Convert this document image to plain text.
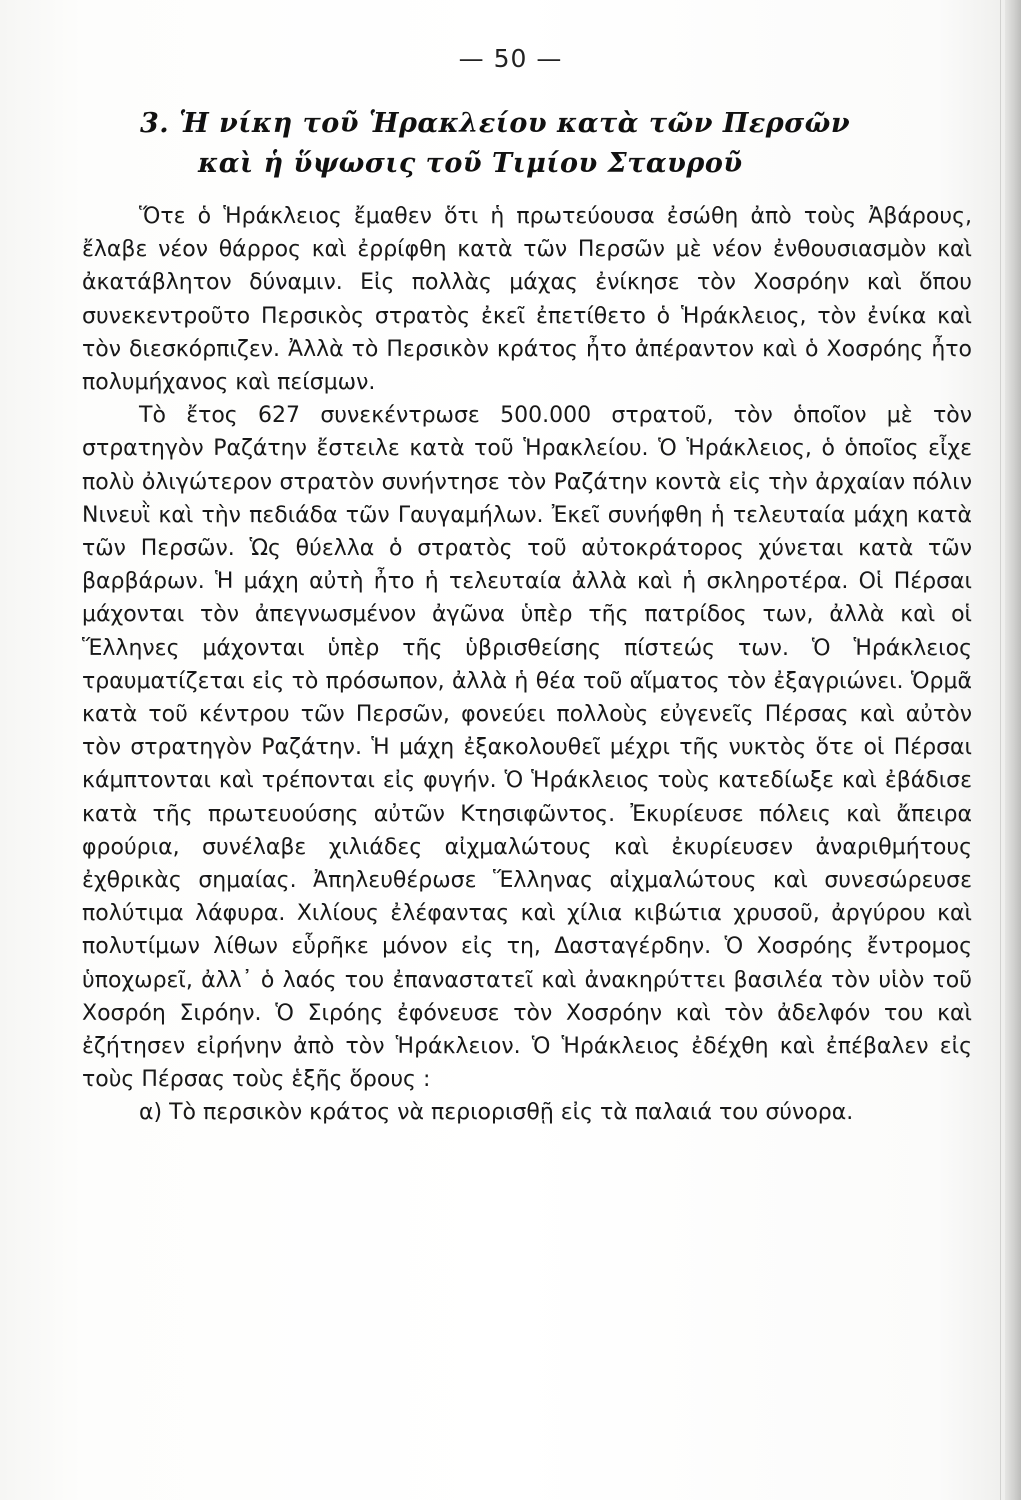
— 50 —
3. Ἡ νίκη τοῦ Ἡρακλείου κατὰ τῶν Περσῶν
καὶ ἡ ὕψωσις τοῦ Τιμίου Σταυροῦ

Ὅτε ὁ Ἡράκλειος ἔμαθεν ὅτι ἡ πρωτεύουσα ἐσώθη ἀπὸ τοὺς Ἀβάρους, ἔλαβε νέον θάρρος καὶ ἐρρίφθη κατὰ τῶν Περσῶν μὲ νέον ἐνθουσιασμὸν καὶ ἀκατάβλητον δύναμιν. Εἰς πολλὰς μάχας ἐνίκησε τὸν Χοσρόην καὶ ὅπου συνεκεντροῦτο Περσικὸς στρατὸς ἐκεῖ ἐπετίθετο ὁ Ἡράκλειος, τὸν ἐνίκα καὶ τὸν διεσκόρπιζεν. Ἀλλὰ τὸ Περσικὸν κράτος ἦτο ἀπέραντον καὶ ὁ Χοσρόης ἦτο πολυμήχανος καὶ πείσμων.

Τὸ ἔτος 627 συνεκέντρωσε 500.000 στρατοῦ, τὸν ὁποῖον μὲ τὸν στρατηγὸν Ραζάτην ἔστειλε κατὰ τοῦ Ἡρακλείου. Ὁ Ἡράκλειος, ὁ ὁποῖος εἶχε πολὺ ὀλιγώτερον στρατὸν συνήντησε τὸν Ραζάτην κοντὰ εἰς τὴν ἀρχαίαν πόλιν Νινευῒ καὶ τὴν πεδιάδα τῶν Γαυγαμήλων. Ἐκεῖ συνήφθη ἡ τελευταία μάχη κατὰ τῶν Περσῶν. Ὡς θύελλα ὁ στρατὸς τοῦ αὐτοκράτορος χύνεται κατὰ τῶν βαρβάρων. Ἡ μάχη αὐτὴ ἦτο ἡ τελευταία ἀλλὰ καὶ ἡ σκληροτέρα. Οἱ Πέρσαι μάχονται τὸν ἀπεγνωσμένον ἀγῶνα ὑπὲρ τῆς πατρίδος των, ἀλλὰ καὶ οἱ Ἕλληνες μάχονται ὑπὲρ τῆς ὑβρισθείσης πίστεώς των. Ὁ Ἡράκλειος τραυματίζεται εἰς τὸ πρόσωπον, ἀλλὰ ἡ θέα τοῦ αἵματος τὸν ἐξαγριώνει. Ὁρμᾶ κατὰ τοῦ κέντρου τῶν Περσῶν, φονεύει πολλοὺς εὐγενεῖς Πέρσας καὶ αὐτὸν τὸν στρατηγὸν Ραζάτην. Ἡ μάχη ἐξακολουθεῖ μέχρι τῆς νυκτὸς ὅτε οἱ Πέρσαι κάμπτονται καὶ τρέπονται εἰς φυγήν. Ὁ Ἡράκλειος τοὺς κατεδίωξε καὶ ἐβάδισε κατὰ τῆς πρωτευούσης αὐτῶν Κτησιφῶντος. Ἐκυρίευσε πόλεις καὶ ἄπειρα φρούρια, συνέλαβε χιλιάδες αἰχμαλώτους καὶ ἐκυρίευσεν ἀναριθμήτους ἐχθρικὰς σημαίας. Ἀπηλευθέρωσε Ἕλληνας αἰχμαλώτους καὶ συνεσώρευσε πολύτιμα λάφυρα. Χιλίους ἐλέφαντας καὶ χίλια κιβώτια χρυσοῦ, ἀργύρου καὶ πολυτίμων λίθων εὗρῆκε μόνον εἰς τη, Δασταγέρδην. Ὁ Χοσρόης ἔντρομος ὑποχωρεῖ, ἀλλ᾿ ὁ λαός του ἐπαναστατεῖ καὶ ἀνακηρύττει βασιλέα τὸν υἱὸν τοῦ Χοσρόη Σιρόην. Ὁ Σιρόης ἐφόνευσε τὸν Χοσρόην καὶ τὸν ἀδελφόν του καὶ ἐζήτησεν εἰρήνην ἀπὸ τὸν Ἡράκλειον. Ὁ Ἡράκλειος ἐδέχθη καὶ ἐπέβαλεν εἰς τοὺς Πέρσας τοὺς ἑξῆς ὅρους :

α) Τὸ περσικὸν κράτος νὰ περιορισθῇ εἰς τὰ παλαιά του σύνορα.
